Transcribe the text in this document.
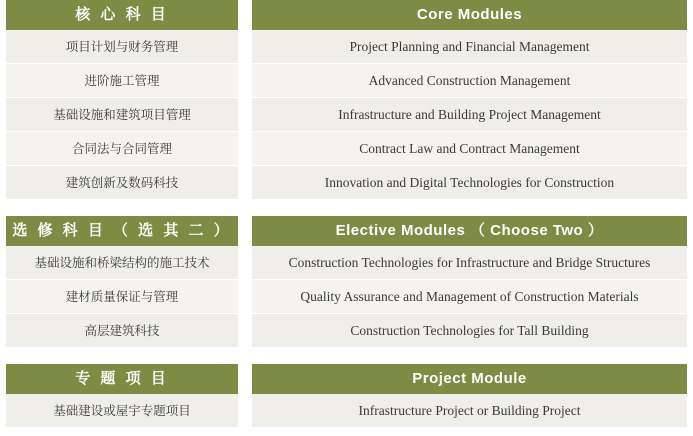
核 心 科 目
项目计划与财务管理
进阶施工管理
基础设施和建筑项目管理
合同法与合同管理
建筑创新及数码科技
Core Modules
Project Planning and Financial Management
Advanced Construction Management
Infrastructure and Building Project Management
Contract Law and Contract Management
Innovation and Digital Technologies for Construction
选 修 科 目 （ 选 其 二 ）
基础设施和桥梁结构的施工技术
建材质量保证与管理
高层建筑科技
Elective Modules （ Choose Two ）
Construction Technologies for Infrastructure and Bridge Structures
Quality Assurance and Management of Construction Materials
Construction Technologies for Tall Building
专 题 项 目
基础建设或屋宇专题项目
Project Module
Infrastructure Project or Building Project
